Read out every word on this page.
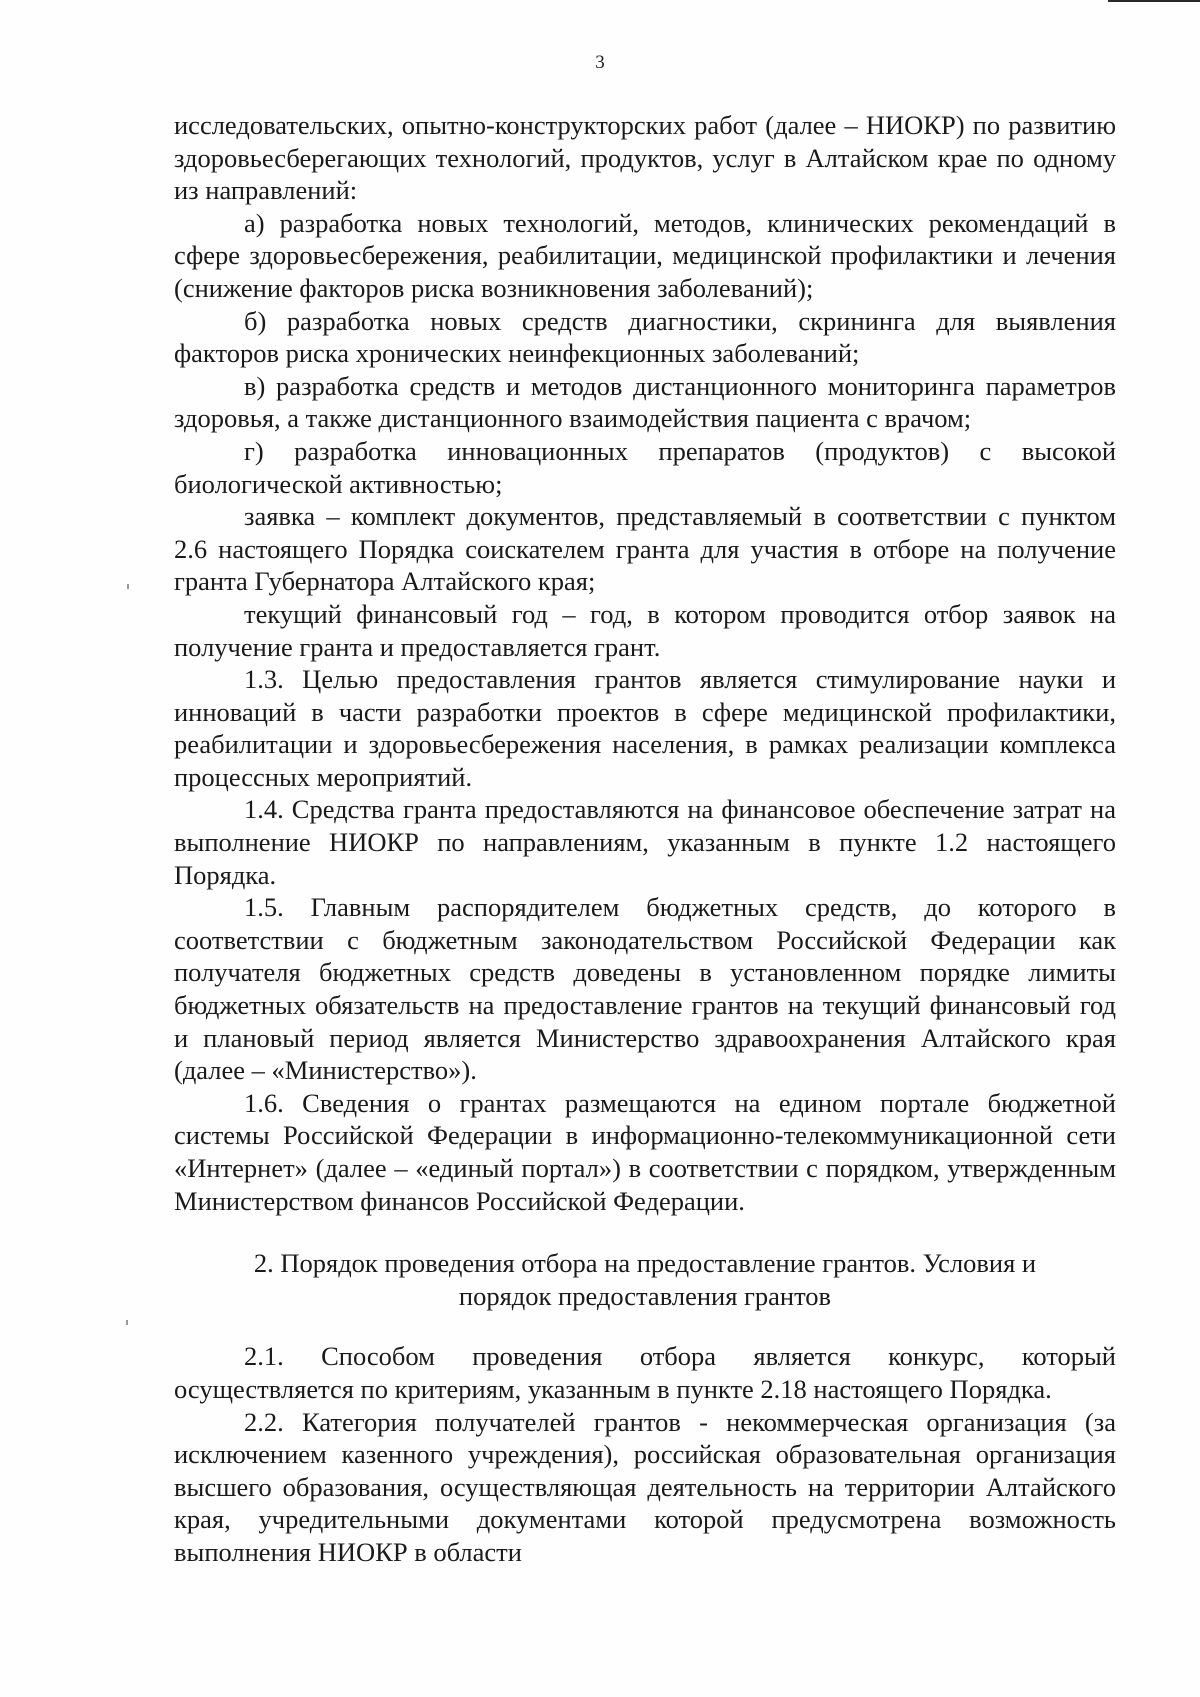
3

исследовательских, опытно-конструкторских работ (далее – НИОКР) по развитию здоровьесберегающих технологий, продуктов, услуг в Алтайском крае по одному из направлений:

а) разработка новых технологий, методов, клинических рекомендаций в сфере здоровьесбережения, реабилитации, медицинской профилактики и лечения (снижение факторов риска возникновения заболеваний);

б) разработка новых средств диагностики, скрининга для выявления факторов риска хронических неинфекционных заболеваний;

в) разработка средств и методов дистанционного мониторинга параметров здоровья, а также дистанционного взаимодействия пациента с врачом;

г) разработка инновационных препаратов (продуктов) с высокой биологической активностью;

заявка – комплект документов, представляемый в соответствии с пунктом 2.6 настоящего Порядка соискателем гранта для участия в отборе на получение гранта Губернатора Алтайского края;

текущий финансовый год – год, в котором проводится отбор заявок на получение гранта и предоставляется грант.

1.3. Целью предоставления грантов является стимулирование науки и инноваций в части разработки проектов в сфере медицинской профилактики, реабилитации и здоровьесбережения населения, в рамках реализации комплекса процессных мероприятий.

1.4. Средства гранта предоставляются на финансовое обеспечение затрат на выполнение НИОКР по направлениям, указанным в пункте 1.2 настоящего Порядка.

1.5. Главным распорядителем бюджетных средств, до которого в соответствии с бюджетным законодательством Российской Федерации как получателя бюджетных средств доведены в установленном порядке лимиты бюджетных обязательств на предоставление грантов на текущий финансовый год и плановый период является Министерство здравоохранения Алтайского края (далее – «Министерство»).

1.6. Сведения о грантах размещаются на едином портале бюджетной системы Российской Федерации в информационно-телекоммуникационной сети «Интернет» (далее – «единый портал») в соответствии с порядком, утвержденным Министерством финансов Российской Федерации.

2. Порядок проведения отбора на предоставление грантов. Условия и порядок предоставления грантов

2.1. Способом проведения отбора является конкурс, который осуществляется по критериям, указанным в пункте 2.18 настоящего Порядка.

2.2. Категория получателей грантов - некоммерческая организация (за исключением казенного учреждения), российская образовательная организация высшего образования, осуществляющая деятельность на территории Алтайского края, учредительными документами которой предусмотрена возможность выполнения НИОКР в области
